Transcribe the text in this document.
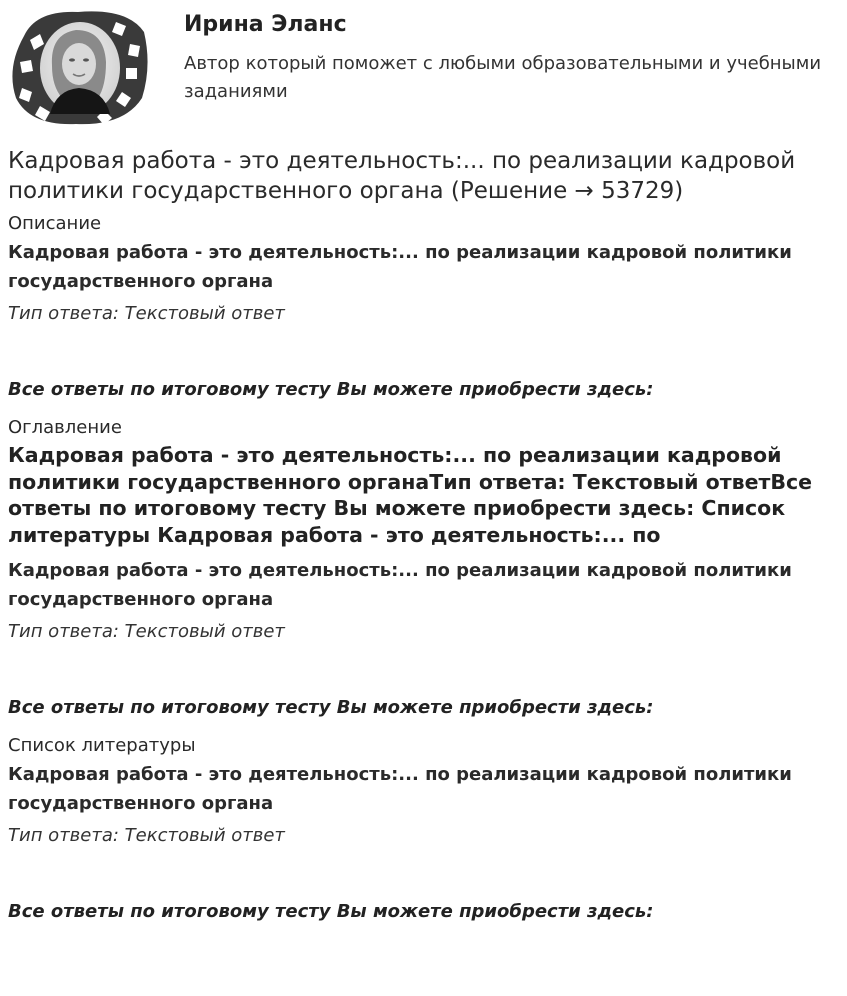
Ирина Эланс
Автор который поможет с любыми образовательными и учебными заданиями
Кадровая работа - это деятельность:... по реализации кадровой политики государственного органа (Решение → 53729)
Описание
Кадровая работа - это деятельность:... по реализации кадровой политики государственного органа
Тип ответа: Текстовый ответ
Все ответы по итоговому тесту Вы можете приобрести здесь:
Оглавление
Кадровая работа - это деятельность:... по реализации кадровой политики государственного органаТип ответа: Текстовый ответВсе ответы по итоговому тесту Вы можете приобрести здесь: Список литературы Кадровая работа - это деятельность:... по
Кадровая работа - это деятельность:... по реализации кадровой политики государственного органа
Тип ответа: Текстовый ответ
Все ответы по итоговому тесту Вы можете приобрести здесь:
Список литературы
Кадровая работа - это деятельность:... по реализации кадровой политики государственного органа
Тип ответа: Текстовый ответ
Все ответы по итоговому тесту Вы можете приобрести здесь:
